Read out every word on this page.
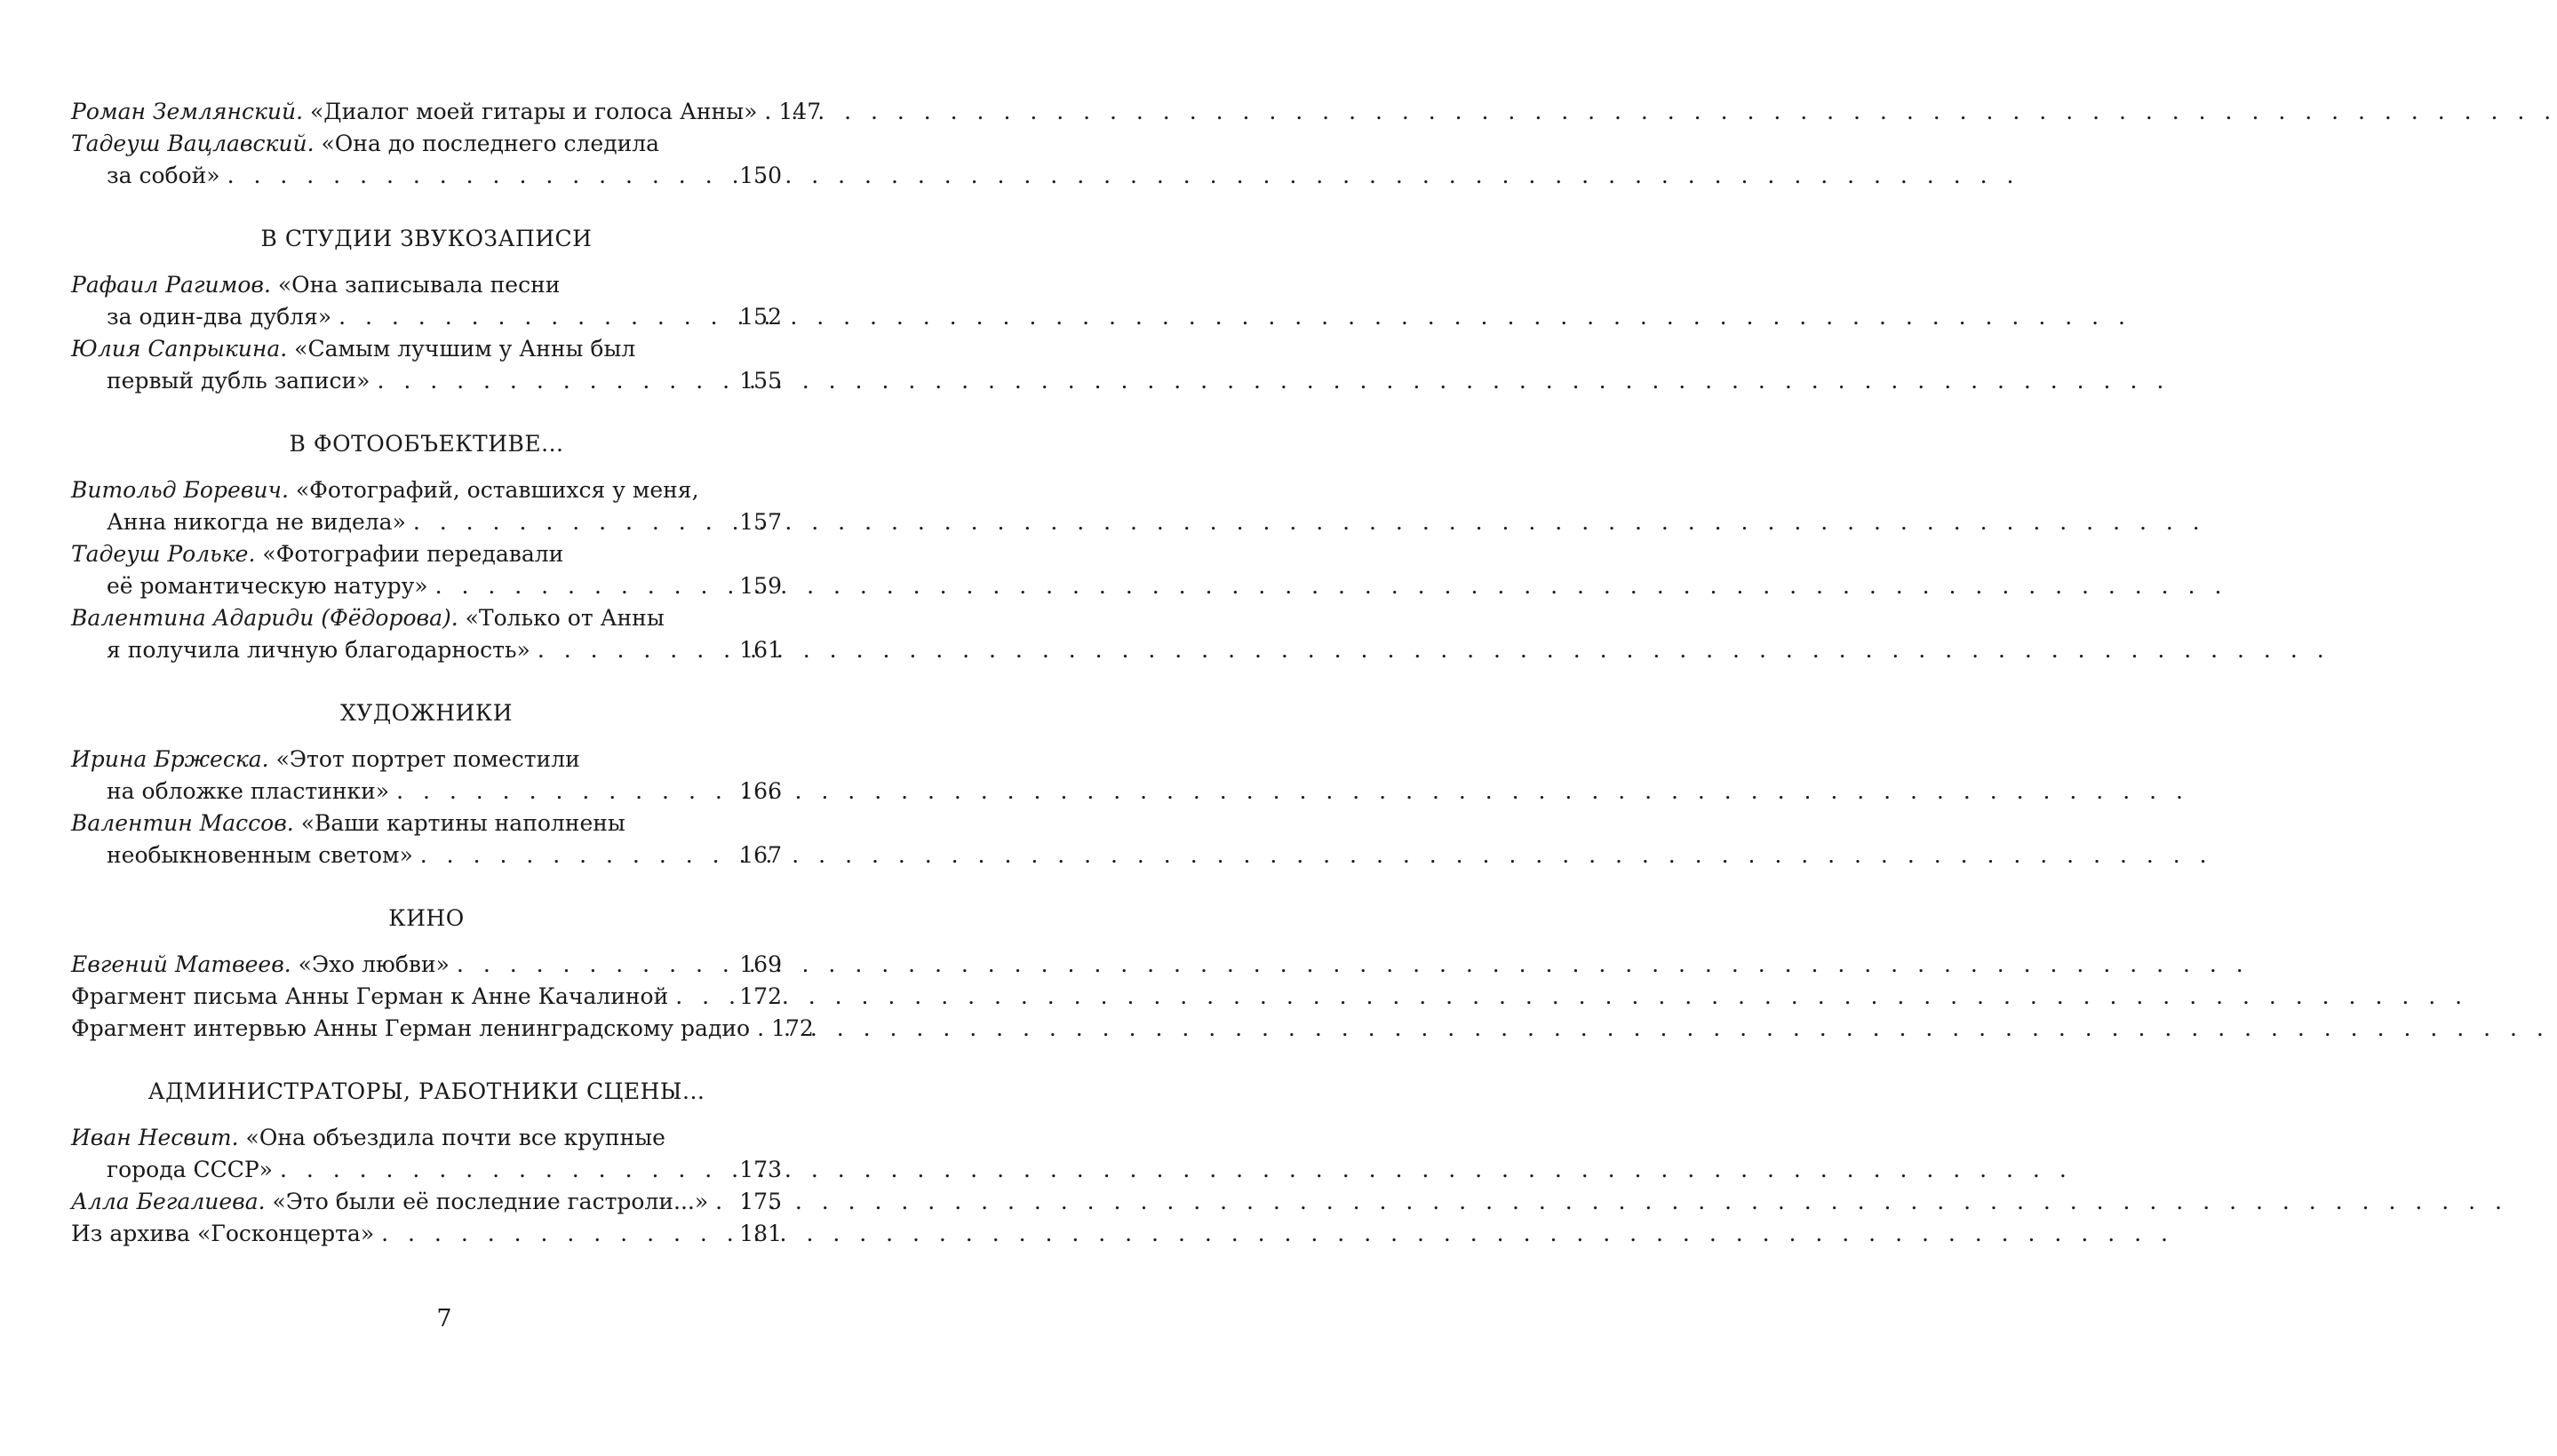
Роман Землянский. «Диалог моей гитары и голоса Анны» . . . 147
Тадеуш Вацлавский. «Она до последнего следила
за собой» . . .	150
В СТУДИИ ЗВУКОЗАПИСИ
Рафаил Рагимов. «Она записывала песни
за один-два дубля» . . .	152
Юлия Сапрыкина. «Самым лучшим у Анны был
первый дубль записи» . . .	155
В ФОТООБЪЕКТИВЕ...
Витольд Боревич. «Фотографий, оставшихся у меня,
Анна никогда не видела» . . .	157
Тадеуш Рольке. «Фотографии передавали
её романтическую натуру» . . .	159
Валентина Адариди (Фёдорова). «Только от Анны
я получила личную благодарность» . . .	161
ХУДОЖНИКИ
Ирина Бржеска. «Этот портрет поместили
на обложке пластинки» . . .	166
Валентин Массов. «Ваши картины наполнены
необыкновенным светом» . . .	167
КИНО
Евгений Матвеев. «Эхо любви» . . .	169
Фрагмент письма Анны Герман к Анне Качалиной . . .	172
Фрагмент интервью Анны Герман ленинградскому радио . . . 172
АДМИНИСТРАТОРЫ, РАБОТНИКИ СЦЕНЫ...
Иван Несвит. «Она объездила почти все крупные
города СССР» . . .	173
Алла Бегалиева. «Это были её последние гастроли...» . . . 175
Из архива «Госконцерта» . . .	181
7
